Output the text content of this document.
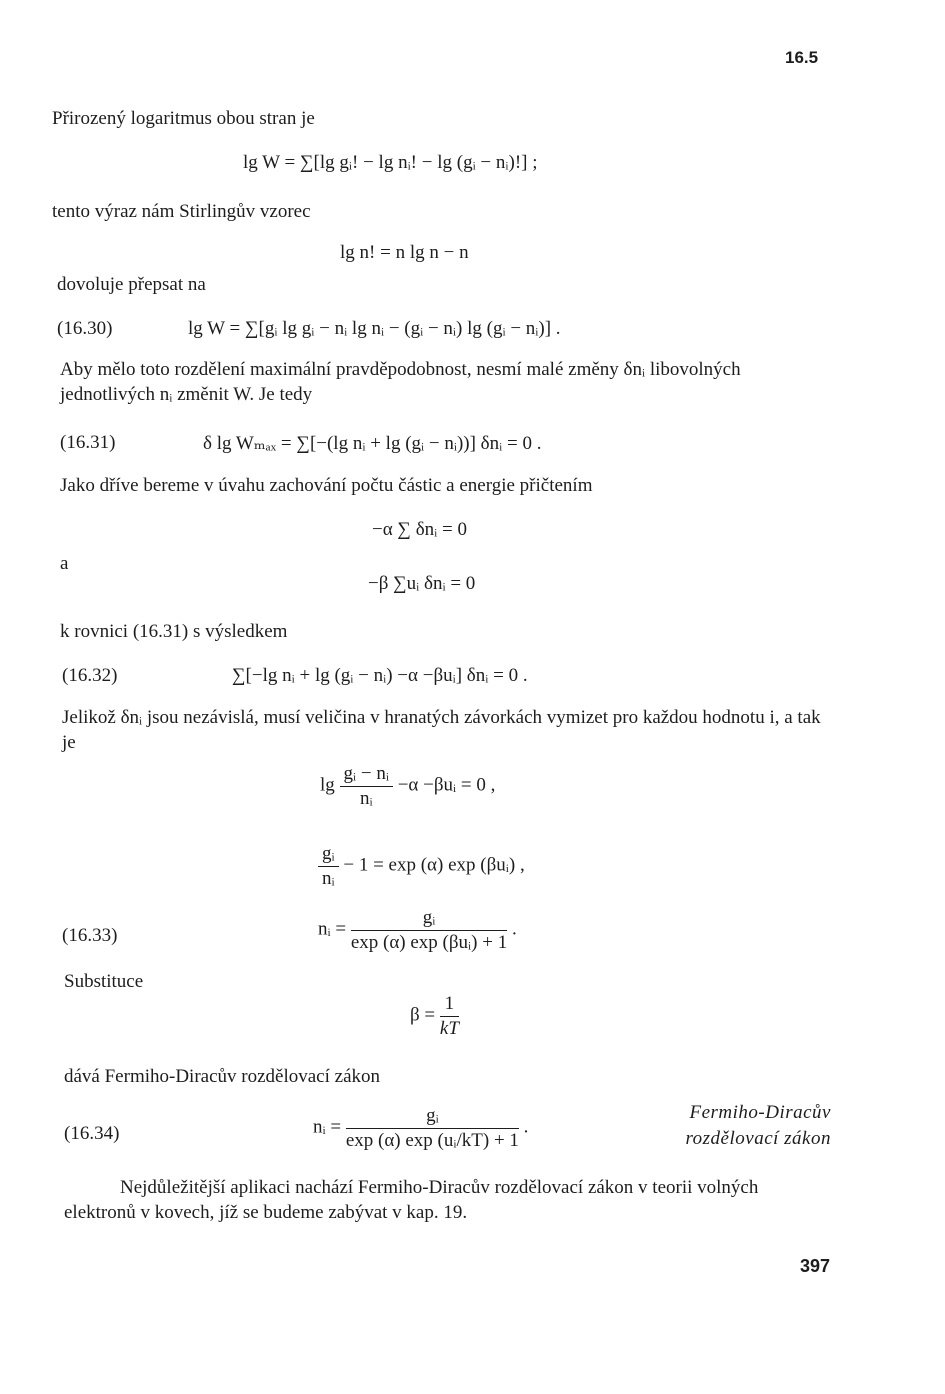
16.5
Přirozený logaritmus obou stran je
lg W = ∑[lg gᵢ! − lg nᵢ! − lg (gᵢ − nᵢ)!] ;
tento výraz nám Stirlingův vzorec
lg n! = n lg n − n
dovoluje přepsat na
(16.30)	lg W = ∑[gᵢ lg gᵢ − nᵢ lg nᵢ − (gᵢ − nᵢ) lg (gᵢ − nᵢ)] .
Aby mělo toto rozdělení maximální pravděpodobnost, nesmí malé změny δnᵢ libovolných jednotlivých nᵢ změnit W. Je tedy
(16.31)	δ lg Wₘₐₓ = ∑[−(lg nᵢ + lg (gᵢ − nᵢ))] δnᵢ = 0 .
Jako dříve bereme v úvahu zachování počtu částic a energie přičtením
−α ∑ δnᵢ = 0
a
−β ∑uᵢ δnᵢ = 0
k rovnici (16.31) s výsledkem
(16.32)	∑[−lg nᵢ + lg (gᵢ − nᵢ) −α −βuᵢ] δnᵢ = 0 .
Jelikož δnᵢ jsou nezávislá, musí veličina v hranatých závorkách vymizet pro každou hodnotu i, a tak je
$\lg \frac{\text{gᵢ − nᵢ}}{\text{nᵢ}} -\alpha$ −βuᵢ = 0 ,
$\frac{\text{gᵢ}}{\text{nᵢ}} - 1 = \exp (\alpha)$ exp (βuᵢ) ,
(16.33)	nᵢ = $\frac{\text{gᵢ}}{\text{exp (α) exp (βuᵢ) + 1}}$ .
Substituce
$\beta = \frac{1}{kT}$
dává Fermiho-Diracův rozdělovací zákon
(16.34)	nᵢ = $\frac{\text{gᵢ}}{\text{exp (α) exp (uᵢ/kT) + 1}}$ .
Fermiho-Diracův
rozdělovací zákon
Nejdůležitější aplikaci nachází Fermiho-Diracův rozdělovací zákon v teorii volných elektronů v kovech, jíž se budeme zabývat v kap. 19.
397
